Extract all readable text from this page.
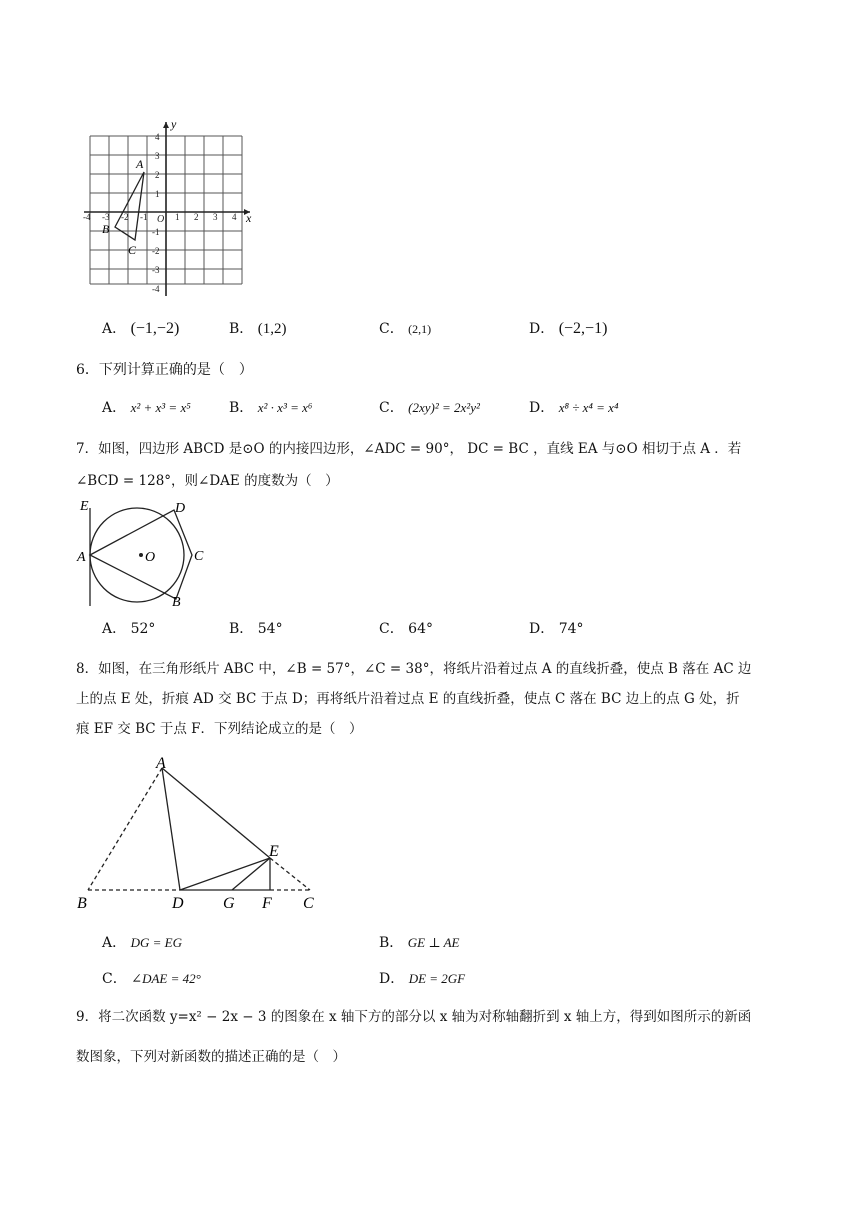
y
x
-4 -3 -2 -1 O 1 2 3 4
4
3
2
1
-1
-2
-3
-4
A
B
C
A． (−1,−2)	B． (1,2)	C． (2,1)	D． (−2,−1)
6．下列计算正确的是（　）
A． x² + x³ = x⁵	B． x² · x³ = x⁶	C． (2xy)² = 2x²y²	D． x⁸ ÷ x⁴ = x⁴
7．如图，四边形 ABCD 是⊙O 的内接四边形，∠ADC = 90°， DC = BC ，直线 EA 与⊙O 相切于点 A ．若
∠BCD = 128°，则∠DAE 的度数为（　）
E	D
A	O	C
B
A． 52°	B． 54°	C． 64°	D． 74°
8．如图，在三角形纸片 ABC 中，∠B = 57°，∠C = 38°，将纸片沿着过点 A 的直线折叠，使点 B 落在 AC 边
上的点 E 处，折痕 AD 交 BC 于点 D；再将纸片沿着过点 E 的直线折叠，使点 C 落在 BC 边上的点 G 处，折
痕 EF 交 BC 于点 F．下列结论成立的是（　）
A
E
B	D G F C
A． DG = EG	B． GE ⊥ AE
C． ∠DAE = 42°	D． DE = 2GF
9．将二次函数 y=x² − 2x − 3 的图象在 x 轴下方的部分以 x 轴为对称轴翻折到 x 轴上方，得到如图所示的新函
数图象，下列对新函数的描述正确的是（　）
